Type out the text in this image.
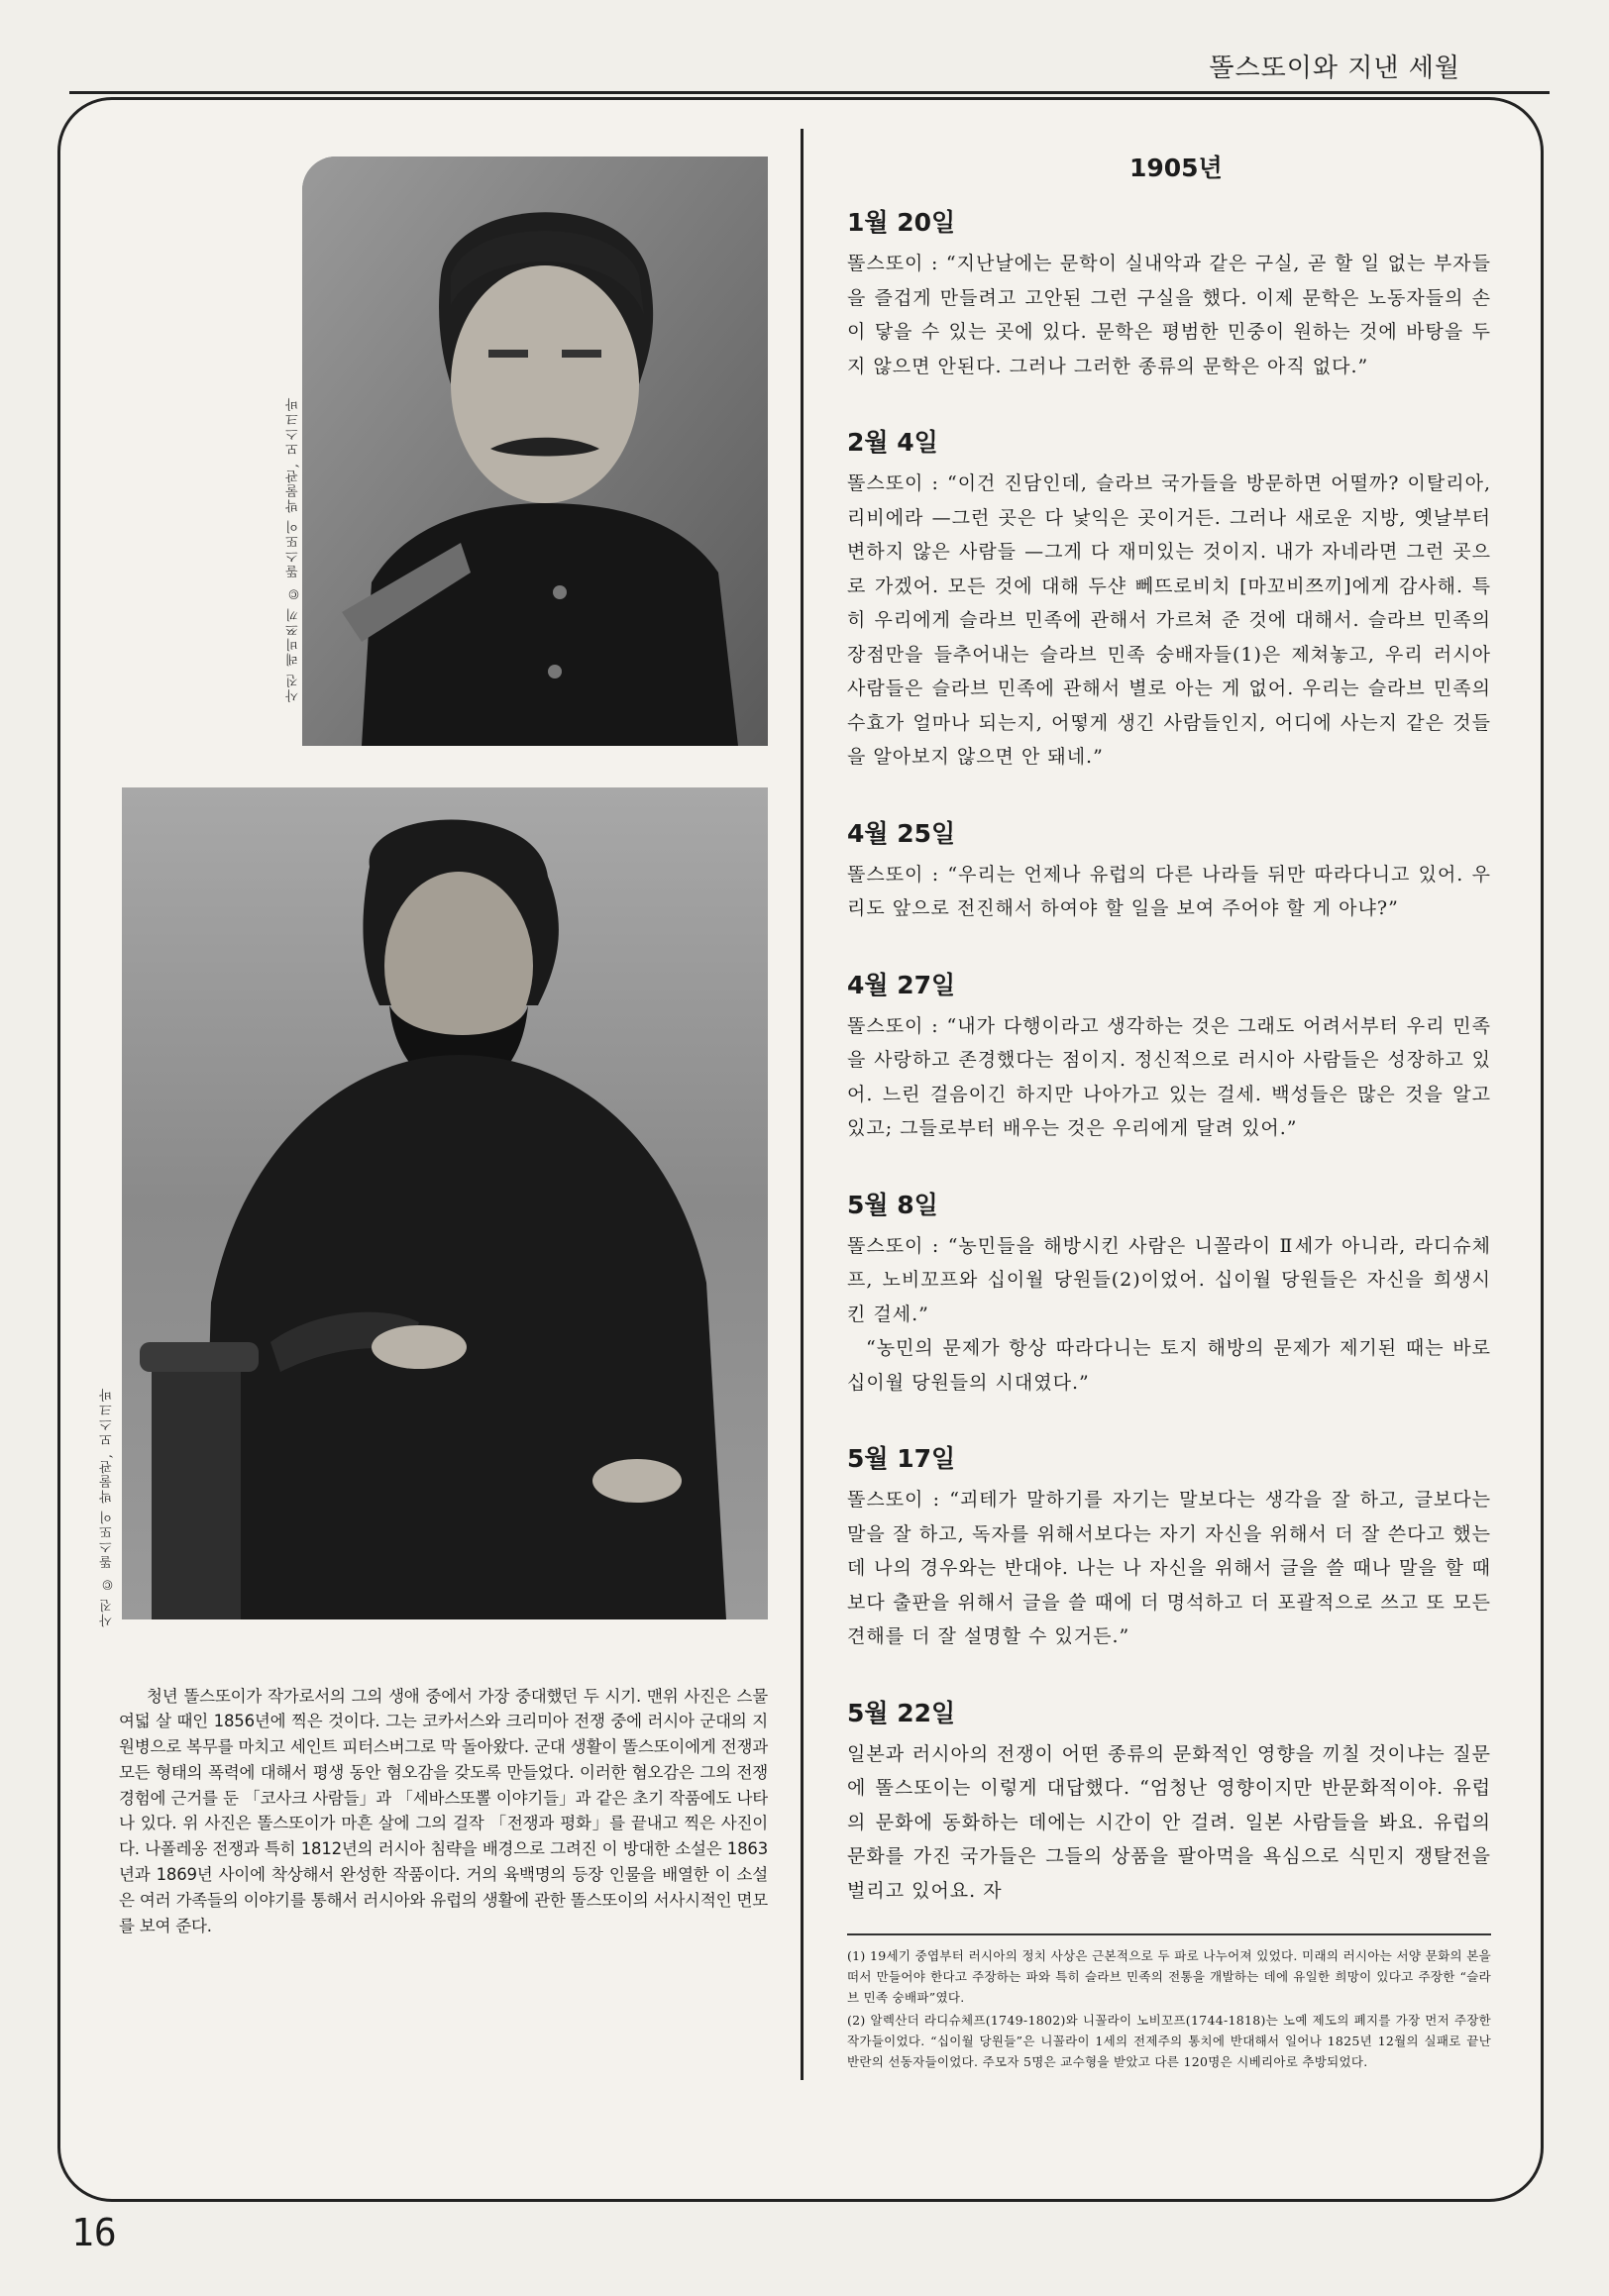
똘스또이와 지낸 세월
사진 레비쯔끼 © 똘스또이 박물관, 모스크바
사진 © 똘스또이 박물관, 모스크바

청년 똘스또이가 작가로서의 그의 생애 중에서 가장 중대했던 두 시기. 맨위 사진은 스물 여덟 살 때인 1856년에 찍은 것이다. 그는 코카서스와 크리미아 전쟁 중에 러시아 군대의 지원병으로 복무를 마치고 세인트 피터스버그로 막 돌아왔다. 군대 생활이 똘스또이에게 전쟁과 모든 형태의 폭력에 대해서 평생 동안 혐오감을 갖도록 만들었다. 이러한 혐오감은 그의 전쟁 경험에 근거를 둔 「코사크 사람들」과 「세바스또뽈 이야기들」과 같은 초기 작품에도 나타나 있다. 위 사진은 똘스또이가 마흔 살에 그의 걸작 「전쟁과 평화」를 끝내고 찍은 사진이다. 나폴레옹 전쟁과 특히 1812년의 러시아 침략을 배경으로 그려진 이 방대한 소설은 1863년과 1869년 사이에 착상해서 완성한 작품이다. 거의 육백명의 등장 인물을 배열한 이 소설은 여러 가족들의 이야기를 통해서 러시아와 유럽의 생활에 관한 똘스또이의 서사시적인 면모를 보여 준다.

1905년
1월 20일

똘스또이 : “지난날에는 문학이 실내악과 같은 구실, 곧 할 일 없는 부자들을 즐겁게 만들려고 고안된 그런 구실을 했다. 이제 문학은 노동자들의 손이 닿을 수 있는 곳에 있다. 문학은 평범한 민중이 원하는 것에 바탕을 두지 않으면 안된다. 그러나 그러한 종류의 문학은 아직 없다.”

2월 4일

똘스또이 : “이건 진담인데, 슬라브 국가들을 방문하면 어떨까? 이탈리아, 리비에라 —그런 곳은 다 낯익은 곳이거든. 그러나 새로운 지방, 옛날부터 변하지 않은 사람들 —그게 다 재미있는 것이지. 내가 자네라면 그런 곳으로 가겠어. 모든 것에 대해 두샨 뻬뜨로비치 [마꼬비쯔끼]에게 감사해. 특히 우리에게 슬라브 민족에 관해서 가르쳐 준 것에 대해서. 슬라브 민족의 장점만을 들추어내는 슬라브 민족 숭배자들(1)은 제쳐놓고, 우리 러시아 사람들은 슬라브 민족에 관해서 별로 아는 게 없어. 우리는 슬라브 민족의 수효가 얼마나 되는지, 어떻게 생긴 사람들인지, 어디에 사는지 같은 것들을 알아보지 않으면 안 돼네.”

4월 25일

똘스또이 : “우리는 언제나 유럽의 다른 나라들 뒤만 따라다니고 있어. 우리도 앞으로 전진해서 하여야 할 일을 보여 주어야 할 게 아냐?”

4월 27일

똘스또이 : “내가 다행이라고 생각하는 것은 그래도 어려서부터 우리 민족을 사랑하고 존경했다는 점이지. 정신적으로 러시아 사람들은 성장하고 있어. 느린 걸음이긴 하지만 나아가고 있는 걸세. 백성들은 많은 것을 알고 있고; 그들로부터 배우는 것은 우리에게 달려 있어.”

5월 8일

똘스또이 : “농민들을 해방시킨 사람은 니꼴라이 Ⅱ세가 아니라, 라디슈체프, 노비꼬프와 십이월 당원들(2)이었어. 십이월 당원들은 자신을 희생시킨 걸세.”

“농민의 문제가 항상 따라다니는 토지 해방의 문제가 제기된 때는 바로 십이월 당원들의 시대였다.”

5월 17일

똘스또이 : “괴테가 말하기를 자기는 말보다는 생각을 잘 하고, 글보다는 말을 잘 하고, 독자를 위해서보다는 자기 자신을 위해서 더 잘 쓴다고 했는데 나의 경우와는 반대야. 나는 나 자신을 위해서 글을 쓸 때나 말을 할 때보다 출판을 위해서 글을 쓸 때에 더 명석하고 더 포괄적으로 쓰고 또 모든 견해를 더 잘 설명할 수 있거든.”

5월 22일

일본과 러시아의 전쟁이 어떤 종류의 문화적인 영향을 끼칠 것이냐는 질문에 똘스또이는 이렇게 대답했다. “엄청난 영향이지만 반문화적이야. 유럽의 문화에 동화하는 데에는 시간이 안 걸려. 일본 사람들을 봐요. 유럽의 문화를 가진 국가들은 그들의 상품을 팔아먹을 욕심으로 식민지 쟁탈전을 벌리고 있어요. 자

(1) 19세기 중엽부터 러시아의 정치 사상은 근본적으로 두 파로 나누어져 있었다. 미래의 러시아는 서양 문화의 본을 떠서 만들어야 한다고 주장하는 파와 특히 슬라브 민족의 전통을 개발하는 데에 유일한 희망이 있다고 주장한 “슬라브 민족 숭배파”였다.

(2) 알렉산더 라디슈체프(1749-1802)와 니꼴라이 노비꼬프(1744-1818)는 노예 제도의 폐지를 가장 먼저 주장한 작가들이었다. “십이월 당원들”은 니꼴라이 1세의 전제주의 통치에 반대해서 일어나 1825년 12월의 실패로 끝난 반란의 선동자들이었다. 주모자 5명은 교수형을 받았고 다른 120명은 시베리아로 추방되었다.

16
